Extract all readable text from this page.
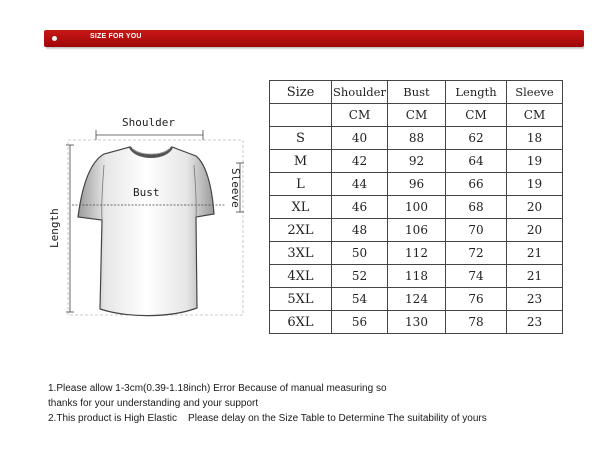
SIZE FOR YOU
Shoulder
Bust
Length
Sleeve
Size	Shoulder	Bust	Length	Sleeve
	CM	CM	CM	CM
S	40	88	62	18
M	42	92	64	19
L	44	96	66	19
XL	46	100	68	20
2XL	48	106	70	20
3XL	50	112	72	21
4XL	52	118	74	21
5XL	54	124	76	23
6XL	56	130	78	23
1.Please allow 1-3cm(0.39-1.18inch) Error Because of manual measuring so
thanks for your understanding and your support
2.This product is High Elastic    Please delay on the Size Table to Determine The suitability of yours
